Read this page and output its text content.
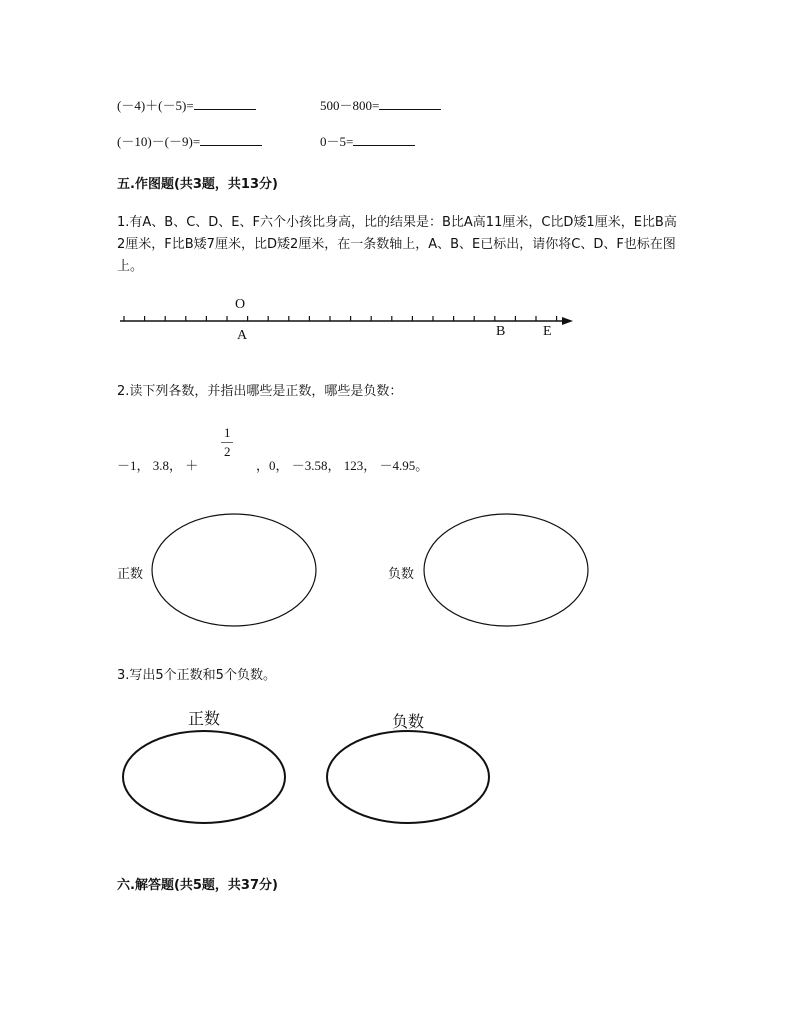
(－4)＋(－5)=	500－800=
(－10)－(－9)=	0－5=
五.作图题(共3题，共13分)
1.有A、B、C、D、E、F六个小孩比身高，比的结果是：B比A高11厘米，C比D矮1厘米，E比B高2厘米，F比B矮7厘米，比D矮2厘米，在一条数轴上，A、B、E已标出，请你将C、D、F也标在图上。
O
A	B	E
2.读下列各数，并指出哪些是正数，哪些是负数：
－1， 3.8， ＋
1
2
，0， －3.58， 123， －4.95。
正数	负数
3.写出5个正数和5个负数。
正数	负数
六.解答题(共5题，共37分)
